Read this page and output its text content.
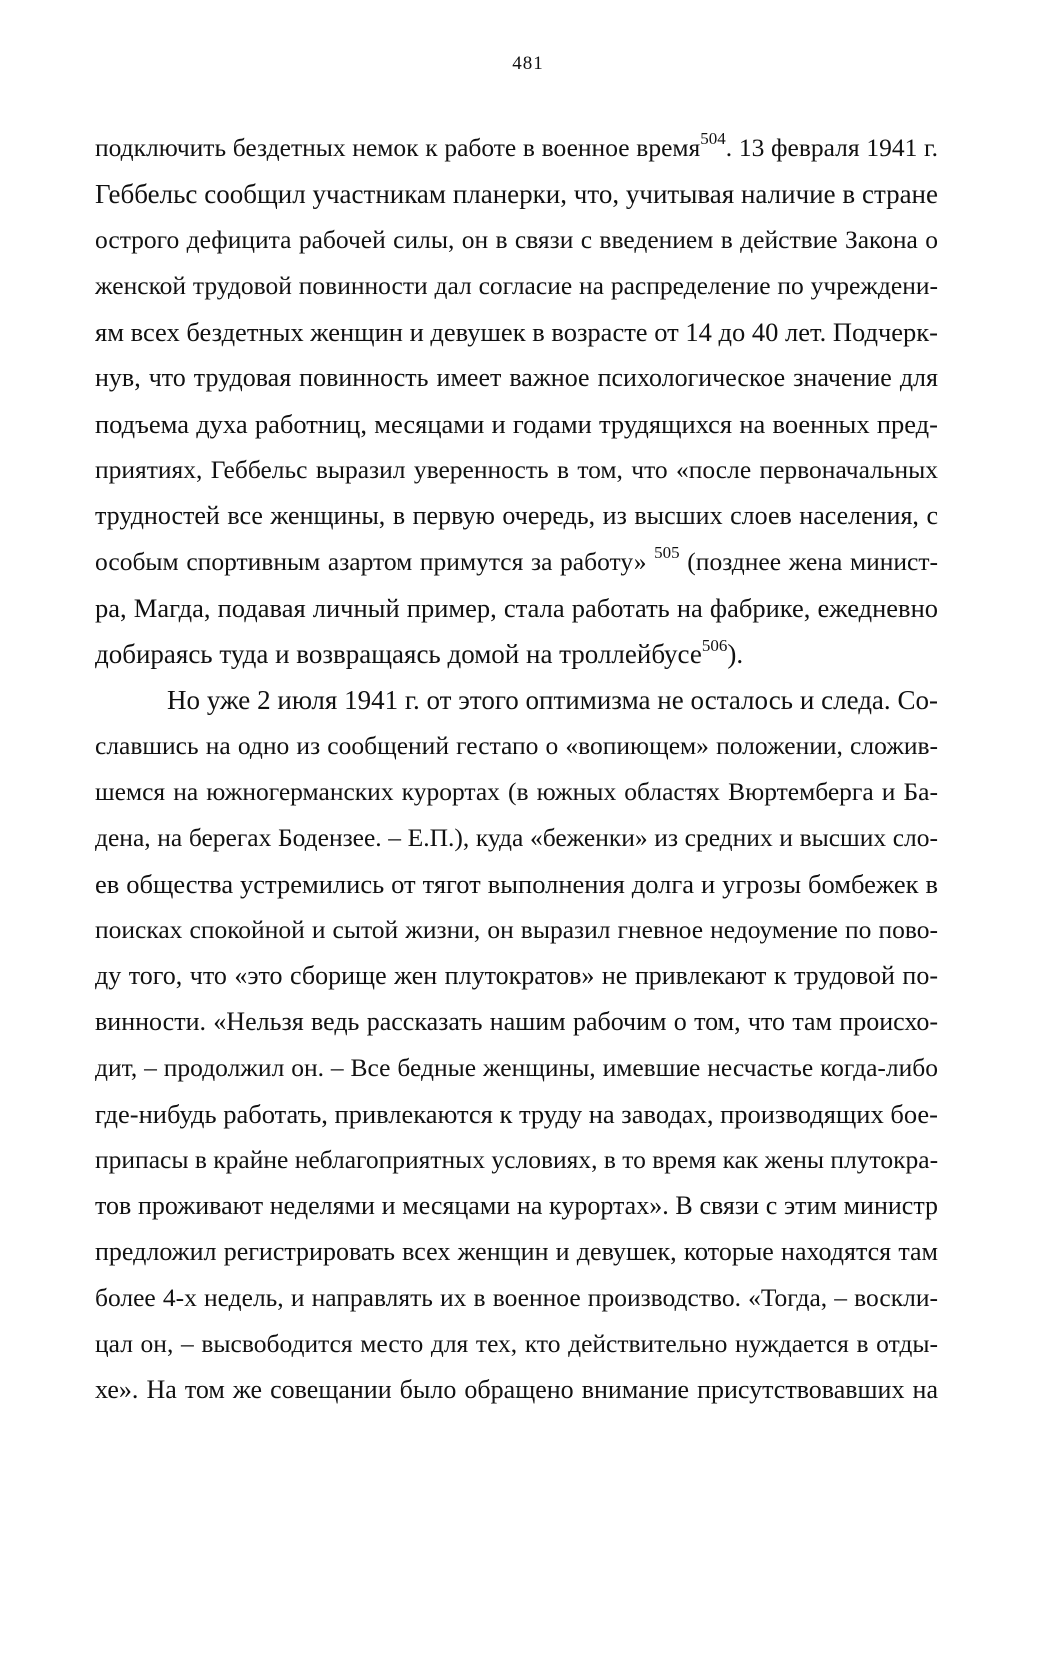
481
подключить бездетных немок к работе в военное время$^{504}$. 13 февраля 1941 г.
Геббельс сообщил участникам планерки, что, учитывая наличие в стране
острого дефицита рабочей силы, он в связи с введением в действие Закона о
женской трудовой повинности дал согласие на распределение по учреждени-
ям всех бездетных женщин и девушек в возрасте от 14 до 40 лет. Подчерк-
нув, что трудовая повинность имеет важное психологическое значение для
подъема духа работниц, месяцами и годами трудящихся на военных пред-
приятиях, Геббельс выразил уверенность в том, что «после первоначальных
трудностей все женщины, в первую очередь, из высших слоев населения, с
особым спортивным азартом примутся за работу» $^{505}$ (позднее жена минист-
ра, Магда, подавая личный пример, стала работать на фабрике, ежедневно
добираясь туда и возвращаясь домой на троллейбусе$^{506}$).
Но уже 2 июля 1941 г. от этого оптимизма не осталось и следа. Со-
славшись на одно из сообщений гестапо о «вопиющем» положении, сложив-
шемся на южногерманских курортах (в южных областях Вюртемберга и Ба-
дена, на берегах Бодензее. – Е.П.), куда «беженки» из средних и высших сло-
ев общества устремились от тягот выполнения долга и угрозы бомбежек в
поисках спокойной и сытой жизни, он выразил гневное недоумение по пово-
ду того, что «это сборище жен плутократов» не привлекают к трудовой по-
винности. «Нельзя ведь рассказать нашим рабочим о том, что там происхо-
дит, – продолжил он. – Все бедные женщины, имевшие несчастье когда-либо
где-нибудь работать, привлекаются к труду на заводах, производящих бое-
припасы в крайне неблагоприятных условиях, в то время как жены плутокра-
тов проживают неделями и месяцами на курортах». В связи с этим министр
предложил регистрировать всех женщин и девушек, которые находятся там
более 4-х недель, и направлять их в военное производство. «Тогда, – воскли-
цал он, – высвободится место для тех, кто действительно нуждается в отды-
хе». На том же совещании было обращено внимание присутствовавших на
